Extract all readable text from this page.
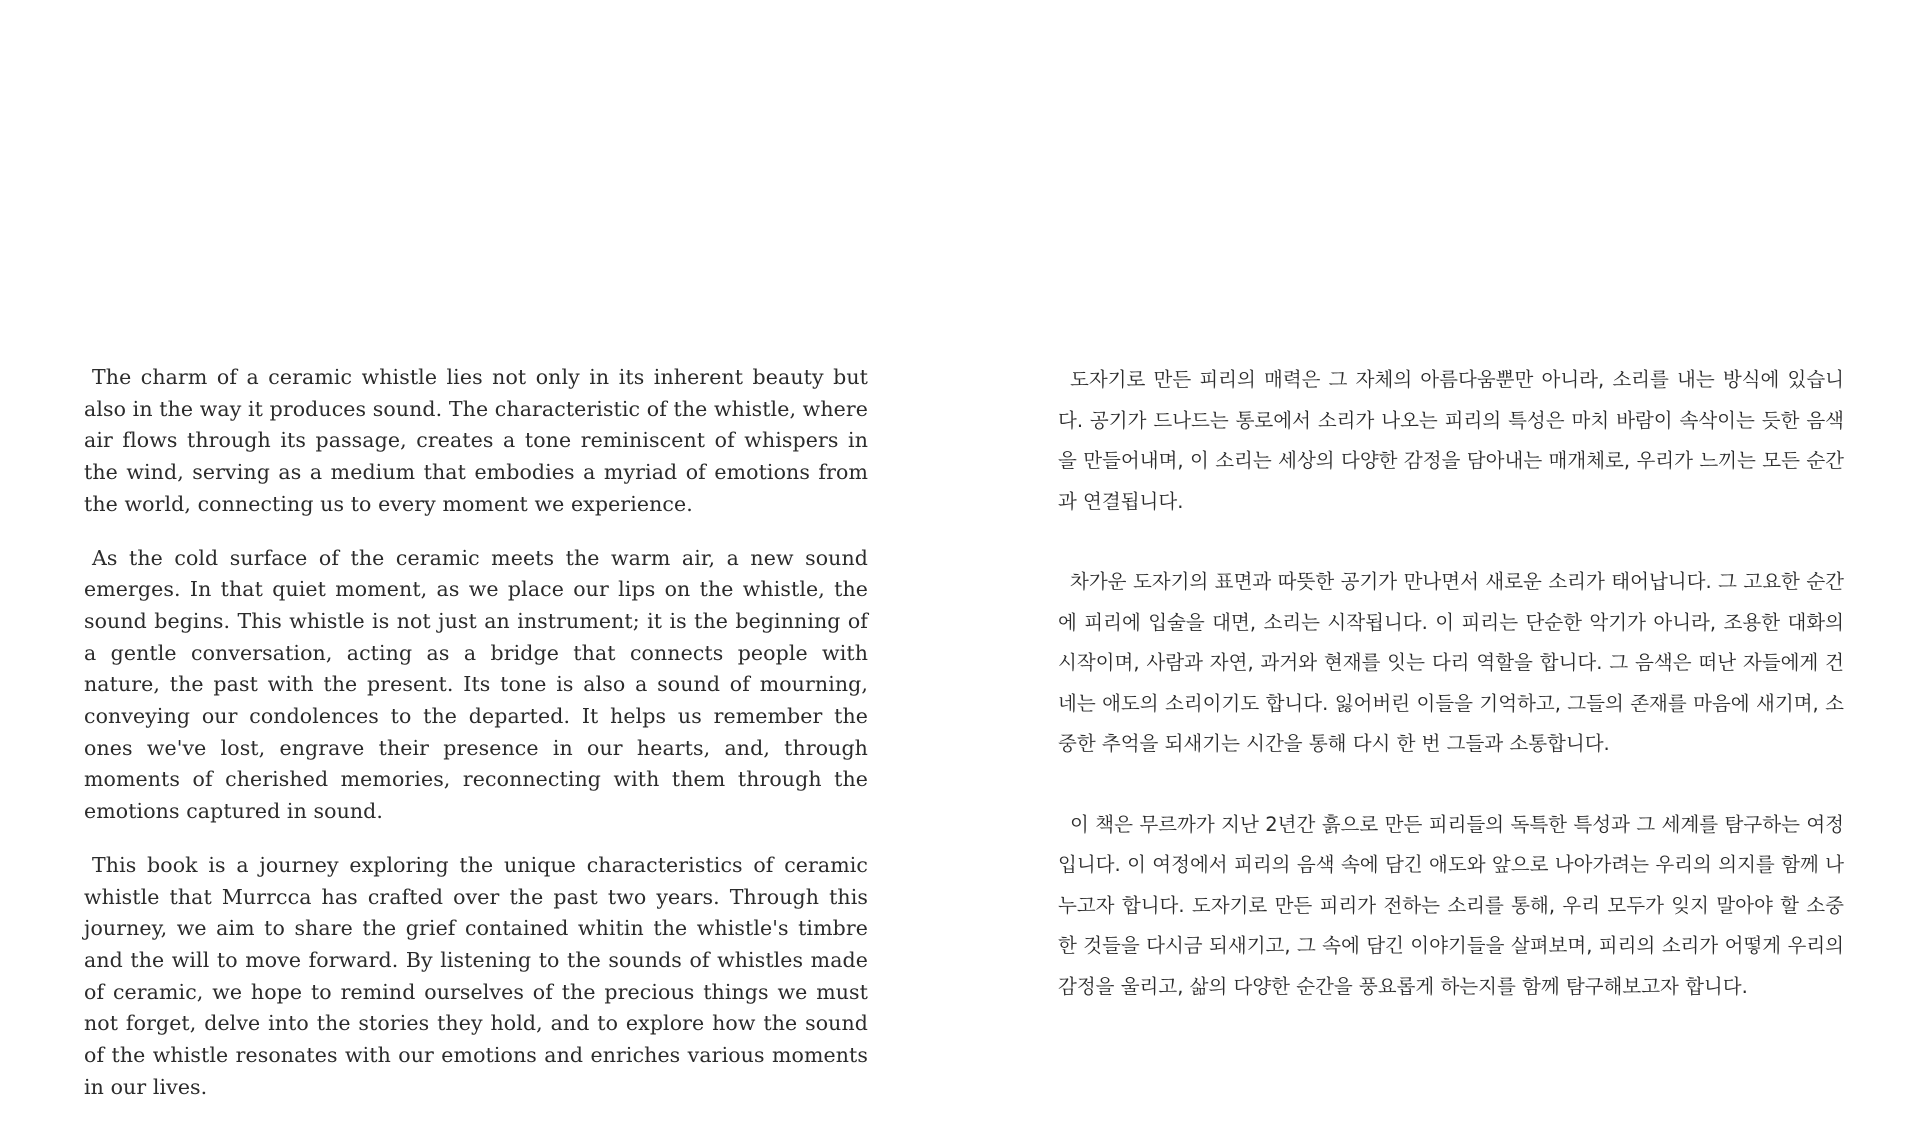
The charm of a ceramic whistle lies not only in its inherent beauty but also in the way it produces sound. The characteristic of the whistle, where air flows through its passage, creates a tone reminiscent of whispers in the wind, serving as a medium that embodies a myriad of emotions from the world, connecting us to every moment we experience.

As the cold surface of the ceramic meets the warm air, a new sound emerges. In that quiet moment, as we place our lips on the whistle, the sound begins. This whistle is not just an instrument; it is the beginning of a gentle conversation, acting as a bridge that connects people with nature, the past with the present. Its tone is also a sound of mourning, conveying our condolences to the departed. It helps us remember the ones we've lost, engrave their presence in our hearts, and, through moments of cherished memories, reconnecting with them through the emotions captured in sound.

This book is a journey exploring the unique characteristics of ceramic whistle that Murrcca has crafted over the past two years. Through this journey, we aim to share the grief contained whitin the whistle's timbre and the will to move forward. By listening to the sounds of whistles made of ceramic, we hope to remind ourselves of the precious things we must not forget, delve into the stories they hold, and to explore how the sound of the whistle resonates with our emotions and enriches various moments in our lives.

도자기로 만든 피리의 매력은 그 자체의 아름다움뿐만 아니라, 소리를 내는 방식에 있습니다. 공기가 드나드는 통로에서 소리가 나오는 피리의 특성은 마치 바람이 속삭이는 듯한 음색을 만들어내며, 이 소리는 세상의 다양한 감정을 담아내는 매개체로, 우리가 느끼는 모든 순간과 연결됩니다.

차가운 도자기의 표면과 따뜻한 공기가 만나면서 새로운 소리가 태어납니다. 그 고요한 순간에 피리에 입술을 대면, 소리는 시작됩니다. 이 피리는 단순한 악기가 아니라, 조용한 대화의 시작이며, 사람과 자연, 과거와 현재를 잇는 다리 역할을 합니다. 그 음색은 떠난 자들에게 건네는 애도의 소리이기도 합니다. 잃어버린 이들을 기억하고, 그들의 존재를 마음에 새기며, 소중한 추억을 되새기는 시간을 통해 다시 한 번 그들과 소통합니다.

이 책은 무르까가 지난 2년간 흙으로 만든 피리들의 독특한 특성과 그 세계를 탐구하는 여정입니다. 이 여정에서 피리의 음색 속에 담긴 애도와 앞으로 나아가려는 우리의 의지를 함께 나누고자 합니다. 도자기로 만든 피리가 전하는 소리를 통해, 우리 모두가 잊지 말아야 할 소중한 것들을 다시금 되새기고, 그 속에 담긴 이야기들을 살펴보며, 피리의 소리가 어떻게 우리의 감정을 울리고, 삶의 다양한 순간을 풍요롭게 하는지를 함께 탐구해보고자 합니다.
